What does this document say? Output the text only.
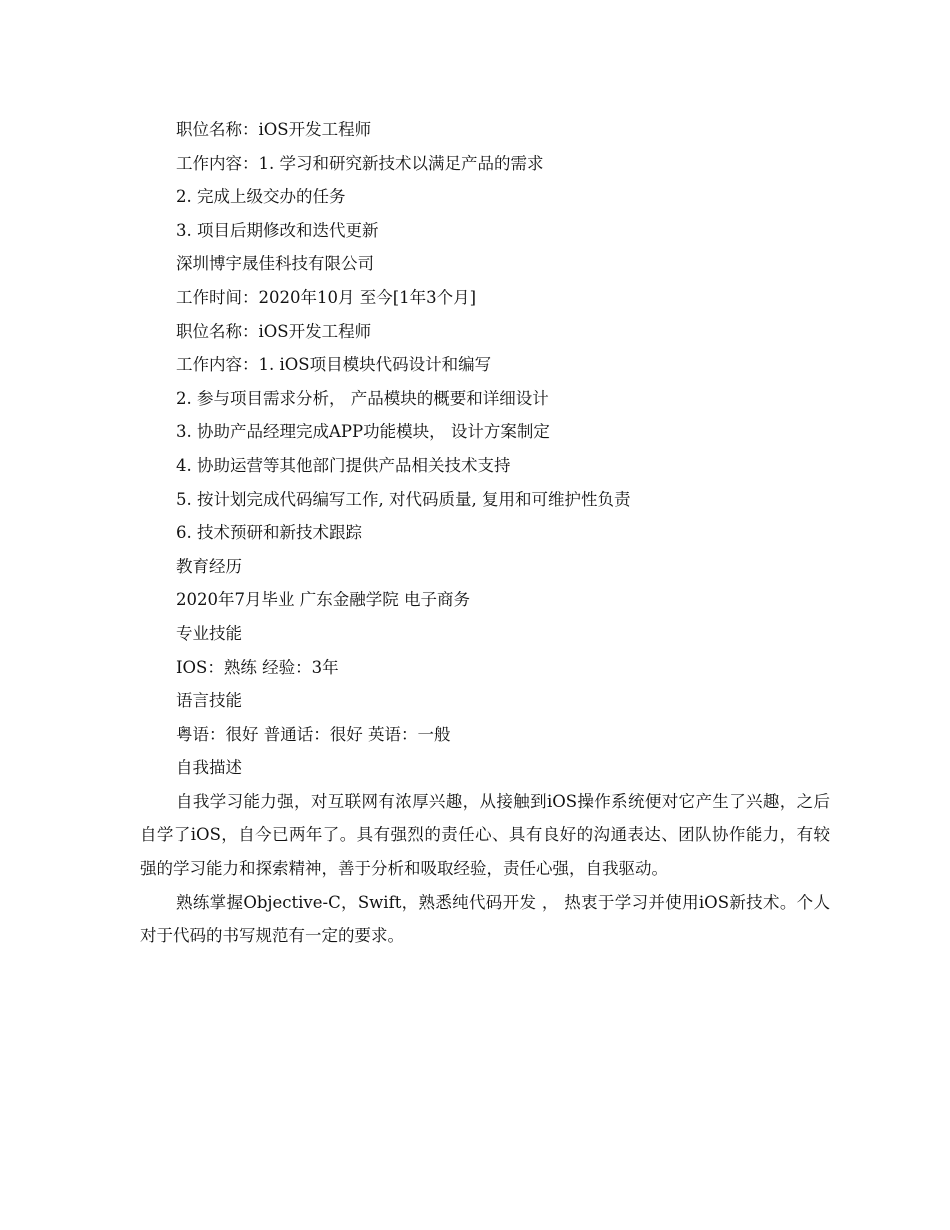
职位名称：iOS开发工程师
工作内容：1. 学习和研究新技术以满足产品的需求
2. 完成上级交办的任务
3. 项目后期修改和迭代更新
深圳博宇晟佳科技有限公司
工作时间：2020年10月 至今[1年3个月]
职位名称：iOS开发工程师
工作内容：1. iOS项目模块代码设计和编写
2. 参与项目需求分析， 产品模块的概要和详细设计
3. 协助产品经理完成APP功能模块， 设计方案制定
4. 协助运营等其他部门提供产品相关技术支持
5. 按计划完成代码编写工作, 对代码质量, 复用和可维护性负责
6. 技术预研和新技术跟踪
教育经历
2020年7月毕业 广东金融学院 电子商务
专业技能
IOS：熟练 经验：3年
语言技能
粤语：很好 普通话：很好 英语：一般
自我描述

自我学习能力强，对互联网有浓厚兴趣，从接触到iOS操作系统便对它产生了兴趣，之后自学了iOS，自今已两年了。具有强烈的责任心、具有良好的沟通表达、团队协作能力，有较强的学习能力和探索精神，善于分析和吸取经验，责任心强，自我驱动。

熟练掌握Objective-C，Swift，熟悉纯代码开发 ， 热衷于学习并使用iOS新技术。个人对于代码的书写规范有一定的要求。
